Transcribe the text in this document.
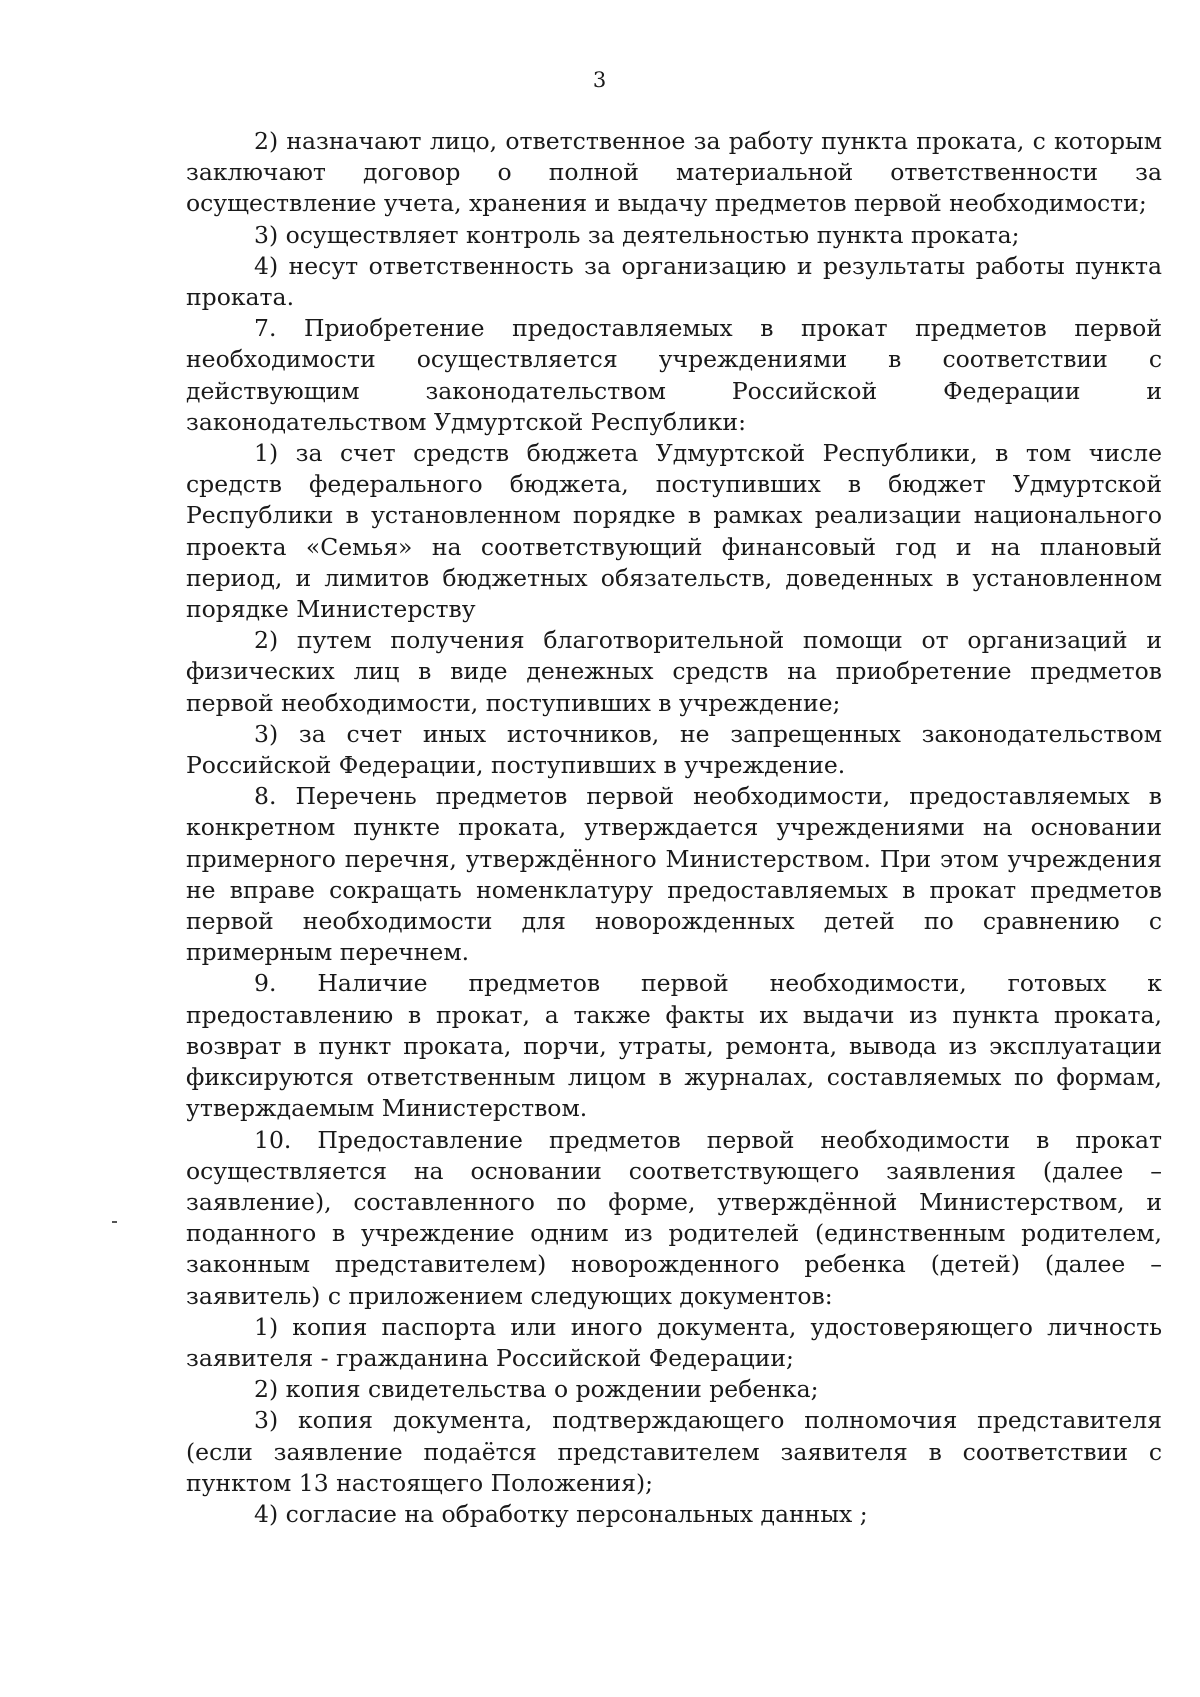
3

2) назначают лицо, ответственное за работу пункта проката, с которым заключают договор о полной материальной ответственности за осуществление учета, хранения и выдачу предметов первой необходимости;

3) осуществляет контроль за деятельностью пункта проката;

4) несут ответственность за организацию и результаты работы пункта проката.

7. Приобретение предоставляемых в прокат предметов первой необходимости осуществляется учреждениями в соответствии с действующим законодательством Российской Федерации и законодательством Удмуртской Республики:

1) за счет средств бюджета Удмуртской Республики, в том числе средств федерального бюджета, поступивших в бюджет Удмуртской Республики в установленном порядке в рамках реализации национального проекта «Семья» на соответствующий финансовый год и на плановый период, и лимитов бюджетных обязательств, доведенных в установленном порядке Министерству

2) путем получения благотворительной помощи от организаций и физических лиц в виде денежных средств на приобретение предметов первой необходимости, поступивших в учреждение;

3) за счет иных источников, не запрещенных законодательством Российской Федерации, поступивших в учреждение.

8. Перечень предметов первой необходимости, предоставляемых в конкретном пункте проката, утверждается учреждениями на основании примерного перечня, утверждённого Министерством. При этом учреждения не вправе сокращать номенклатуру предоставляемых в прокат предметов первой необходимости для новорожденных детей по сравнению с примерным перечнем.

9. Наличие предметов первой необходимости, готовых к предоставлению в прокат, а также факты их выдачи из пункта проката, возврат в пункт проката, порчи, утраты, ремонта, вывода из эксплуатации фиксируются ответственным лицом в журналах, составляемых по формам, утверждаемым Министерством.

10. Предоставление предметов первой необходимости в прокат осуществляется на основании соответствующего заявления (далее – заявление), составленного по форме, утверждённой Министерством, и поданного в учреждение одним из родителей (единственным родителем, законным представителем) новорожденного ребенка (детей) (далее – заявитель) с приложением следующих документов:

1) копия паспорта или иного документа, удостоверяющего личность заявителя - гражданина Российской Федерации;

2) копия свидетельства о рождении ребенка;

3) копия документа, подтверждающего полномочия представителя (если заявление подаётся представителем заявителя в соответствии с пунктом 13 настоящего Положения);

4) согласие на обработку персональных данных ;
